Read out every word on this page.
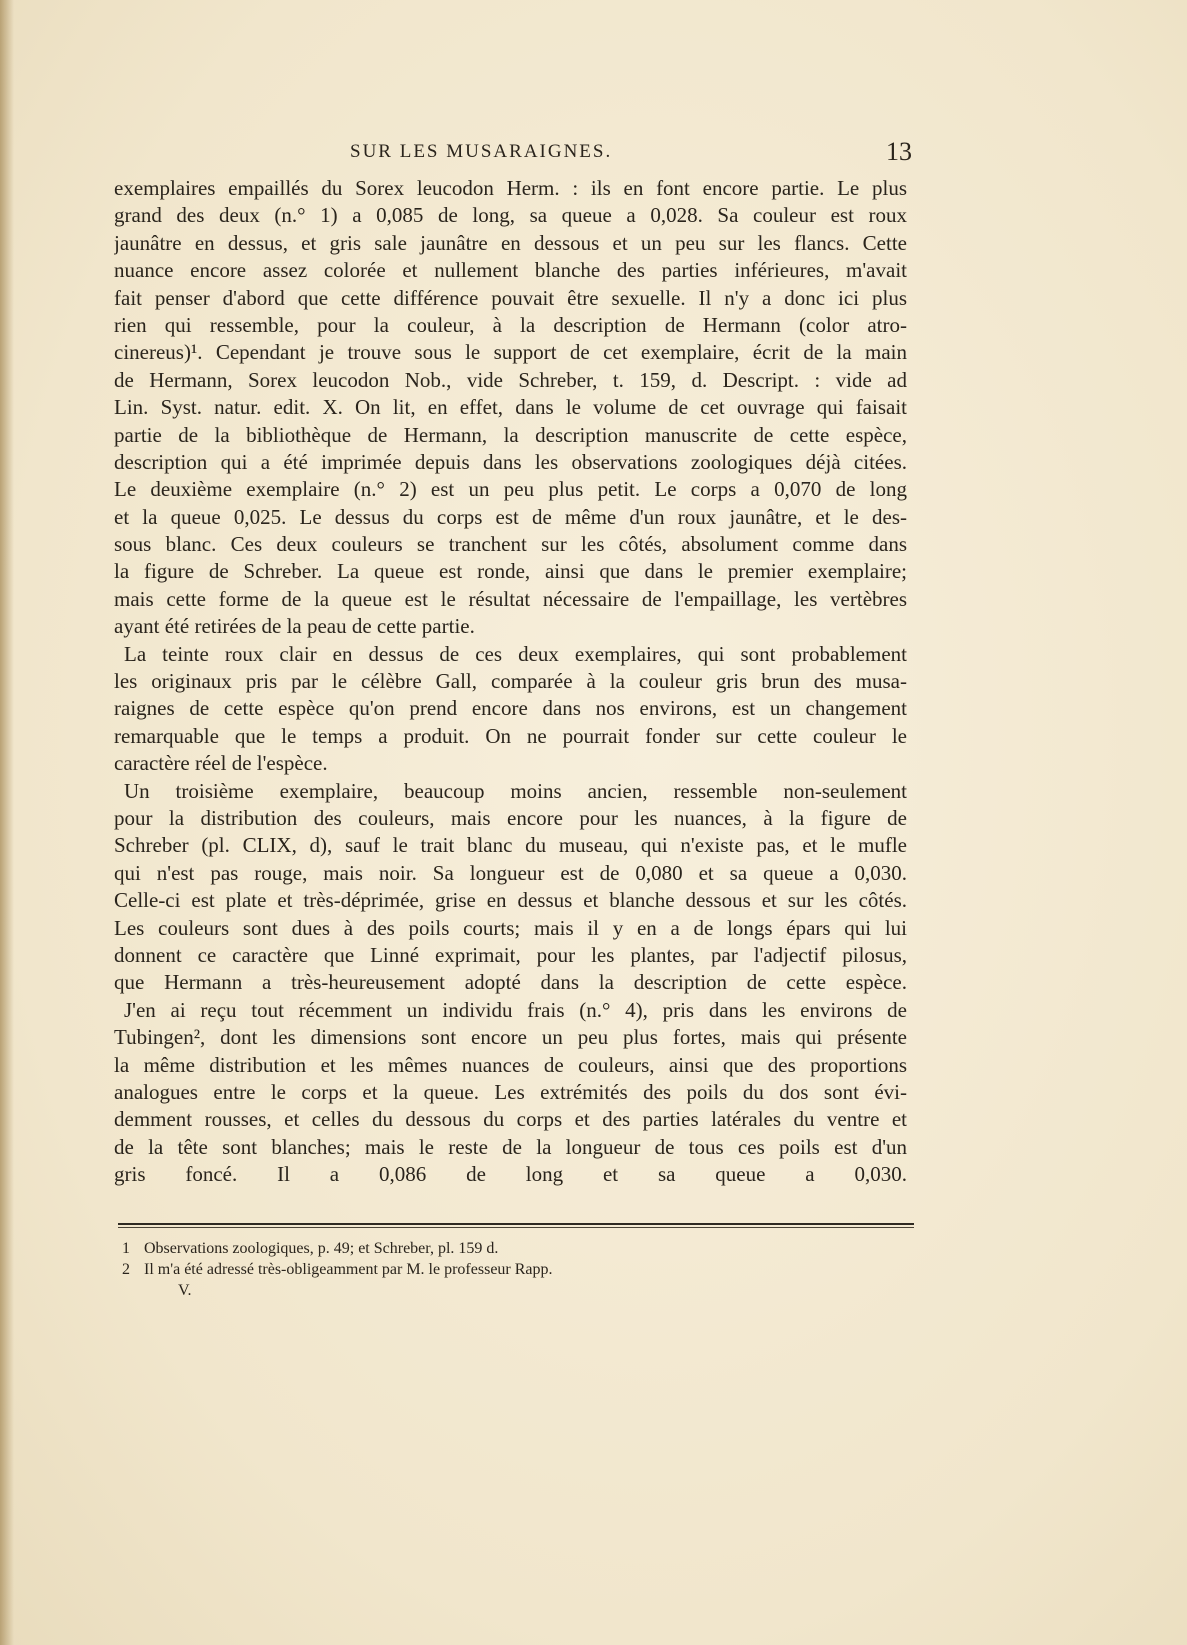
SUR LES MUSARAIGNES.	13
exemplaires empaillés du Sorex leucodon Herm. : ils en font encore partie. Le plus
grand des deux (n.° 1) a 0,085 de long, sa queue a 0,028. Sa couleur est roux
jaunâtre en dessus, et gris sale jaunâtre en dessous et un peu sur les flancs. Cette
nuance encore assez colorée et nullement blanche des parties inférieures, m'avait
fait penser d'abord que cette différence pouvait être sexuelle. Il n'y a donc ici plus
rien qui ressemble, pour la couleur, à la description de Hermann (color atro-
cinereus)¹. Cependant je trouve sous le support de cet exemplaire, écrit de la main
de Hermann, Sorex leucodon Nob., vide Schreber, t. 159, d. Descript. : vide ad
Lin. Syst. natur. edit. X. On lit, en effet, dans le volume de cet ouvrage qui faisait
partie de la bibliothèque de Hermann, la description manuscrite de cette espèce,
description qui a été imprimée depuis dans les observations zoologiques déjà citées.
Le deuxième exemplaire (n.° 2) est un peu plus petit. Le corps a 0,070 de long
et la queue 0,025. Le dessus du corps est de même d'un roux jaunâtre, et le des-
sous blanc. Ces deux couleurs se tranchent sur les côtés, absolument comme dans
la figure de Schreber. La queue est ronde, ainsi que dans le premier exemplaire;
mais cette forme de la queue est le résultat nécessaire de l'empaillage, les vertèbres
ayant été retirées de la peau de cette partie.
La teinte roux clair en dessus de ces deux exemplaires, qui sont probablement
les originaux pris par le célèbre Gall, comparée à la couleur gris brun des musa-
raignes de cette espèce qu'on prend encore dans nos environs, est un changement
remarquable que le temps a produit. On ne pourrait fonder sur cette couleur le
caractère réel de l'espèce.
Un troisième exemplaire, beaucoup moins ancien, ressemble non-seulement
pour la distribution des couleurs, mais encore pour les nuances, à la figure de
Schreber (pl. CLIX, d), sauf le trait blanc du museau, qui n'existe pas, et le mufle
qui n'est pas rouge, mais noir. Sa longueur est de 0,080 et sa queue a 0,030.
Celle-ci est plate et très-déprimée, grise en dessus et blanche dessous et sur les côtés.
Les couleurs sont dues à des poils courts; mais il y en a de longs épars qui lui
donnent ce caractère que Linné exprimait, pour les plantes, par l'adjectif pilosus,
que Hermann a très-heureusement adopté dans la description de cette espèce.
J'en ai reçu tout récemment un individu frais (n.° 4), pris dans les environs de
Tubingen², dont les dimensions sont encore un peu plus fortes, mais qui présente
la même distribution et les mêmes nuances de couleurs, ainsi que des proportions
analogues entre le corps et la queue. Les extrémités des poils du dos sont évi-
demment rousses, et celles du dessous du corps et des parties latérales du ventre et
de la tête sont blanches; mais le reste de la longueur de tous ces poils est d'un
gris foncé. Il a 0,086 de long et sa queue a 0,030.
1 Observations zoologiques, p. 49; et Schreber, pl. 159 d.
2 Il m'a été adressé très-obligeamment par M. le professeur Rapp.
V.
